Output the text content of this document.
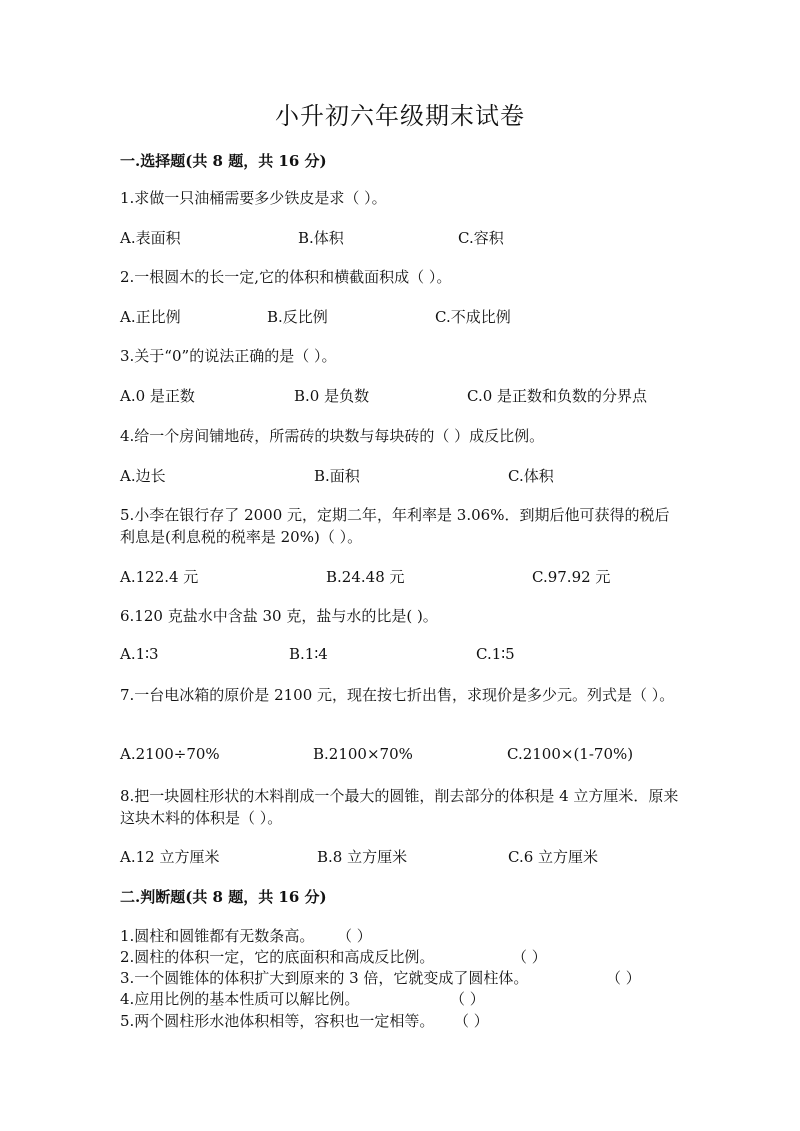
小升初六年级期末试卷
一.选择题(共 8 题，共 16 分)
1.求做一只油桶需要多少铁皮是求（ ）。
A.表面积	B.体积	C.容积
2.一根圆木的长一定,它的体积和横截面积成（ ）。
A.正比例	B.反比例	C.不成比例
3.关于“0”的说法正确的是（ ）。
A.0 是正数	B.0 是负数	C.0 是正数和负数的分界点
4.给一个房间铺地砖，所需砖的块数与每块砖的（ ）成反比例。
A.边长	B.面积	C.体积
5.小李在银行存了 2000 元，定期二年，年利率是 3.06%．到期后他可获得的税后利息是(利息税的税率是 20%)（ ）。
A.122.4 元	B.24.48 元	C.97.92 元
6.120 克盐水中含盐 30 克，盐与水的比是( )。
A.1∶3	B.1∶4	C.1∶5
7.一台电冰箱的原价是 2100 元，现在按七折出售，求现价是多少元。列式是（ ）。
A.2100÷70%	B.2100×70%	C.2100×(1-70%)
8.把一块圆柱形状的木料削成一个最大的圆锥，削去部分的体积是 4 立方厘米．原来这块木料的体积是（ ）。
A.12 立方厘米	B.8 立方厘米	C.6 立方厘米
二.判断题(共 8 题，共 16 分)
1.圆柱和圆锥都有无数条高。 （ ）
2.圆柱的体积一定，它的底面积和高成反比例。	（ ）
3.一个圆锥体的体积扩大到原来的 3 倍，它就变成了圆柱体。	（ ）
4.应用比例的基本性质可以解比例。	（ ）
5.两个圆柱形水池体积相等，容积也一定相等。 （ ）
